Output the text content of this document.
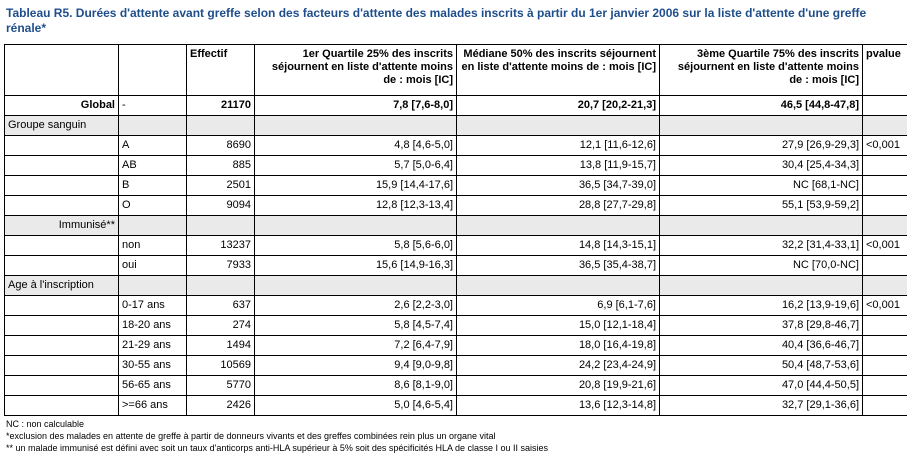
Tableau R5. Durées d'attente avant greffe selon des facteurs d'attente des malades inscrits à partir du 1er janvier 2006 sur la liste d'attente d'une greffe rénale*
		Effectif	1er Quartile 25% des inscrits séjournent en liste d'attente moins de : mois [IC]	Médiane 50% des inscrits séjournent en liste d'attente moins de : mois [IC]	3ème Quartile 75% des inscrits séjournent en liste d'attente moins de : mois [IC]	pvalue
Global	-	21170	7,8 [7,6-8,0]	20,7 [20,2-21,3]	46,5 [44,8-47,8]	
Groupe sanguin						
	A	8690	4,8 [4,6-5,0]	12,1 [11,6-12,6]	27,9 [26,9-29,3]	<0,001
	AB	885	5,7 [5,0-6,4]	13,8 [11,9-15,7]	30,4 [25,4-34,3]	
	B	2501	15,9 [14,4-17,6]	36,5 [34,7-39,0]	NC [68,1-NC]	
	O	9094	12,8 [12,3-13,4]	28,8 [27,7-29,8]	55,1 [53,9-59,2]	
Immunisé**						
	non	13237	5,8 [5,6-6,0]	14,8 [14,3-15,1]	32,2 [31,4-33,1]	<0,001
	oui	7933	15,6 [14,9-16,3]	36,5 [35,4-38,7]	NC [70,0-NC]	
Age à l'inscription						
	0-17 ans	637	2,6 [2,2-3,0]	6,9 [6,1-7,6]	16,2 [13,9-19,6]	<0,001
	18-20 ans	274	5,8 [4,5-7,4]	15,0 [12,1-18,4]	37,8 [29,8-46,7]	
	21-29 ans	1494	7,2 [6,4-7,9]	18,0 [16,4-19,8]	40,4 [36,6-46,7]	
	30-55 ans	10569	9,4 [9,0-9,8]	24,2 [23,4-24,9]	50,4 [48,7-53,6]	
	56-65 ans	5770	8,6 [8,1-9,0]	20,8 [19,9-21,6]	47,0 [44,4-50,5]	
	>=66 ans	2426	5,0 [4,6-5,4]	13,6 [12,3-14,8]	32,7 [29,1-36,6]	
NC : non calculable
*exclusion des malades en attente de greffe à partir de donneurs vivants et des greffes combinées rein plus un organe vital
** un malade immunisé est défini avec soit un taux d'anticorps anti-HLA supérieur à 5% soit des spécificités HLA de classe I ou II saisies
